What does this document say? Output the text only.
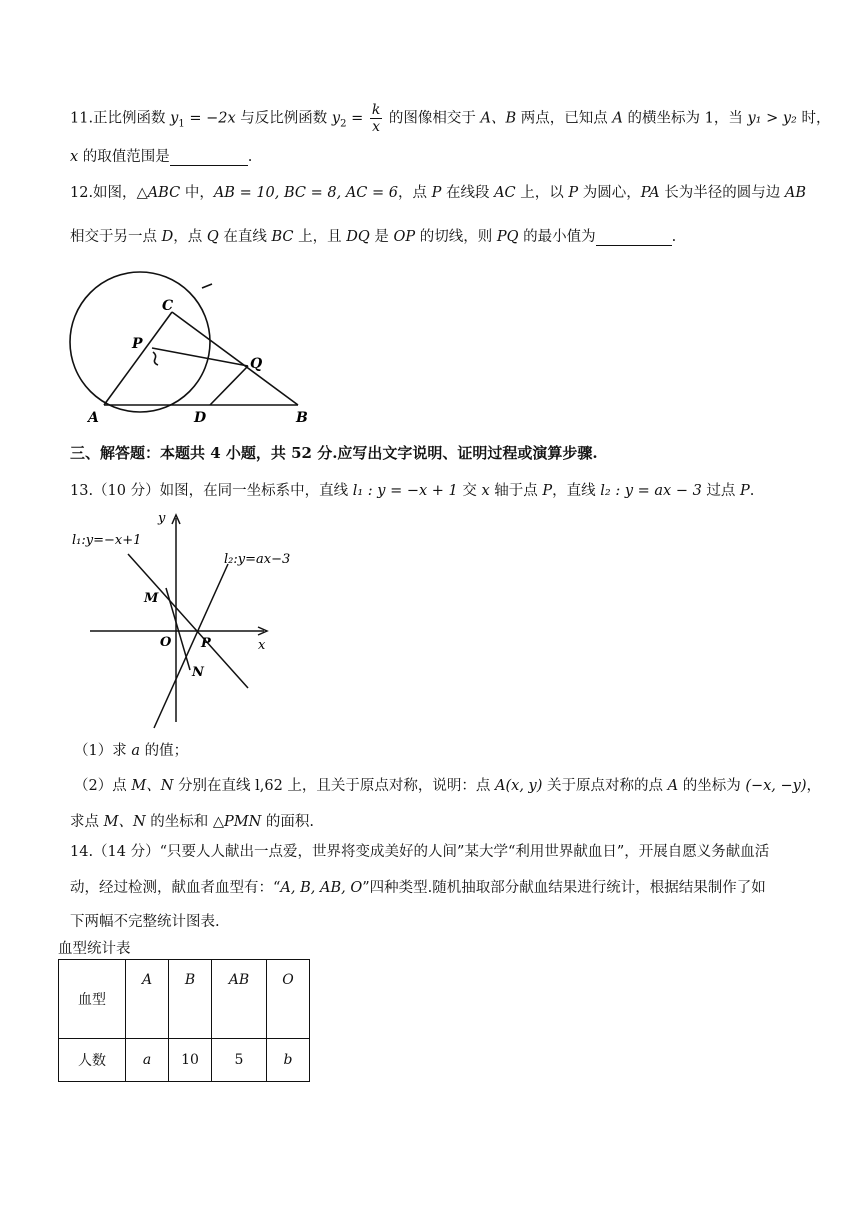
11.正比例函数 $y_1 = -2x$ 与反比例函数 $y_2 = \frac{k}{x}$ 的图像相交于 A、B 两点，已知点 A 的横坐标为 1，当 y₁ > y₂ 时，
x 的取值范围是	.
12.如图，△ABC 中，AB = 10, BC = 8, AC = 6，点 P 在线段 AC 上，以 P 为圆心，PA 长为半径的圆与边 AB
相交于另一点 D，点 Q 在直线 BC 上，且 DQ 是 OP 的切线，则 PQ 的最小值为	.
C
P
Q
A	D	B
三、解答题：本题共 4 小题，共 52 分.应写出文字说明、证明过程或演算步骤.
13.（10 分）如图，在同一坐标系中，直线 l₁ : y = −x + 1 交 x 轴于点 P，直线 l₂ : y = ax − 3 过点 P.
l₁:y=−x+1
l₂:y=ax−3
y
x
O P
M
N
（1）求 a 的值；
（2）点 M、N 分别在直线 l,62 上，且关于原点对称，说明：点 A(x, y) 关于原点对称的点 A 的坐标为 (−x, −y)，
求点 M、N 的坐标和 △PMN 的面积.
14.（14 分）“只要人人献出一点爱，世界将变成美好的人间”某大学“利用世界献血日”，开展自愿义务献血活
动，经过检测，献血者血型有：“A, B, AB, O”四种类型.随机抽取部分献血结果进行统计，根据结果制作了如
下两幅不完整统计图表.
血型统计表
血型	A	B	AB	O
人数	a	10	5	b
